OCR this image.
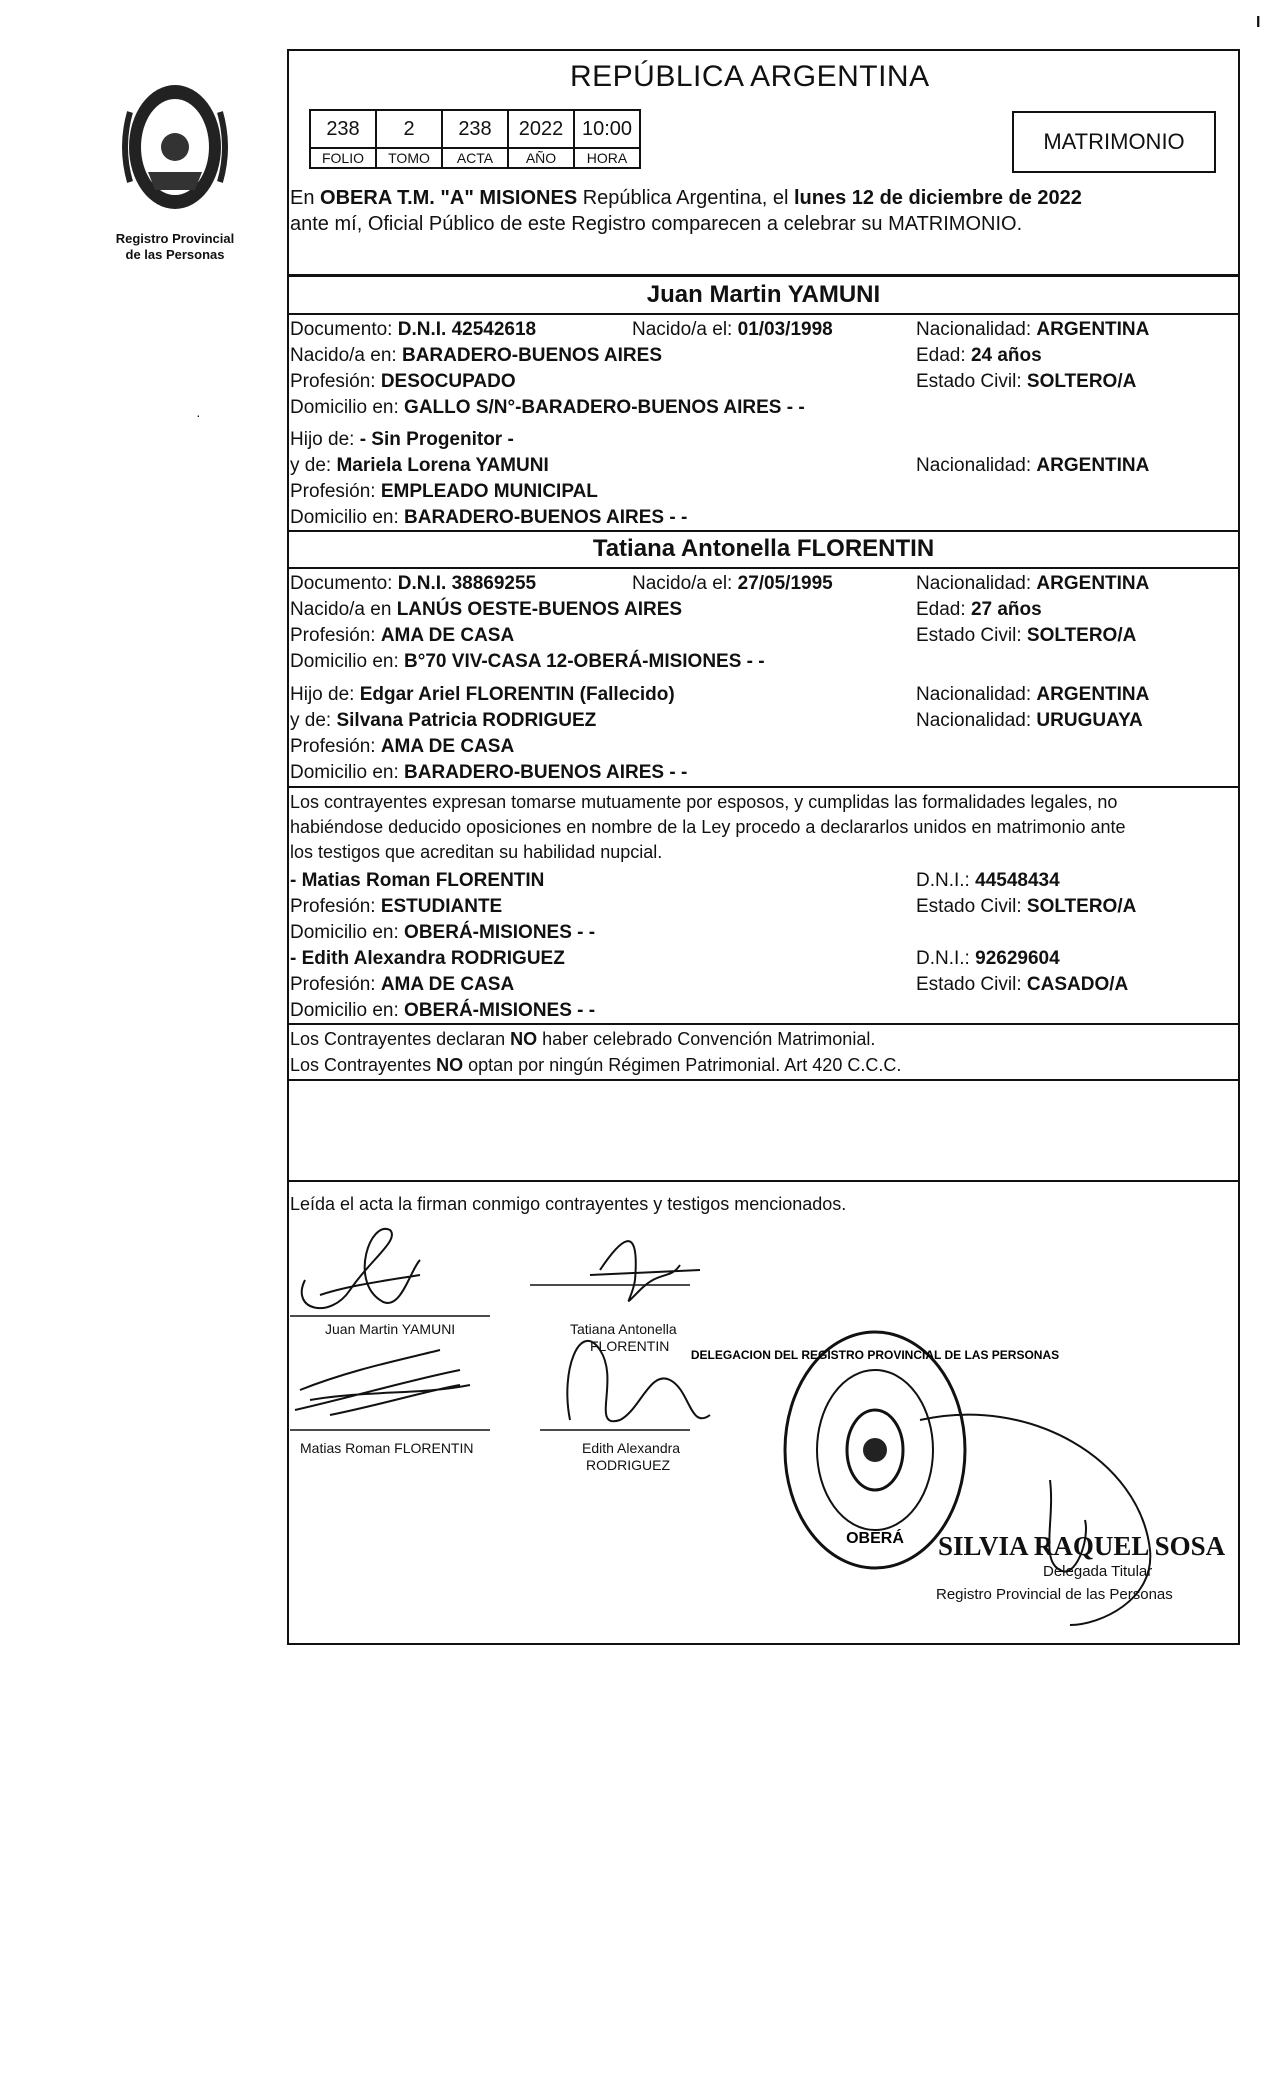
I
Registro Provincial
de las Personas
·
REPÚBLICA ARGENTINA
238	2	238	2022	10:00
FOLIO	TOMO	ACTA	AÑO	HORA
MATRIMONIO
En OBERA T.M. "A" MISIONES República Argentina, el lunes 12 de diciembre de 2022
ante mí, Oficial Público de este Registro comparecen a celebrar su MATRIMONIO.
Juan Martin YAMUNI
Documento: D.N.I. 42542618	Nacido/a el: 01/03/1998	Nacionalidad: ARGENTINA
Nacido/a en: BARADERO-BUENOS AIRES	Edad: 24 años
Profesión: DESOCUPADO	Estado Civil: SOLTERO/A
Domicilio en: GALLO S/N°-BARADERO-BUENOS AIRES - -
Hijo de: - Sin Progenitor -
y de: Mariela Lorena YAMUNI	Nacionalidad: ARGENTINA
Profesión: EMPLEADO MUNICIPAL
Domicilio en: BARADERO-BUENOS AIRES - -
Tatiana Antonella FLORENTIN
Documento: D.N.I. 38869255	Nacido/a el: 27/05/1995	Nacionalidad: ARGENTINA
Nacido/a en LANÚS OESTE-BUENOS AIRES	Edad: 27 años
Profesión: AMA DE CASA	Estado Civil: SOLTERO/A
Domicilio en: B°70 VIV-CASA 12-OBERÁ-MISIONES - -
Hijo de: Edgar Ariel FLORENTIN (Fallecido)	Nacionalidad: ARGENTINA
y de: Silvana Patricia RODRIGUEZ	Nacionalidad: URUGUAYA
Profesión: AMA DE CASA
Domicilio en: BARADERO-BUENOS AIRES - -
Los contrayentes expresan tomarse mutuamente por esposos, y cumplidas las formalidades legales, no
habiéndose deducido oposiciones en nombre de la Ley procedo a declararlos unidos en matrimonio ante
los testigos que acreditan su habilidad nupcial.
- Matias Roman FLORENTIN	D.N.I.: 44548434
Profesión: ESTUDIANTE	Estado Civil: SOLTERO/A
Domicilio en: OBERÁ-MISIONES - -
- Edith Alexandra RODRIGUEZ	D.N.I.: 92629604
Profesión: AMA DE CASA	Estado Civil: CASADO/A
Domicilio en: OBERÁ-MISIONES - -
Los Contrayentes declaran NO haber celebrado Convención Matrimonial.
Los Contrayentes NO optan por ningún Régimen Patrimonial. Art 420 C.C.C.
Leída el acta la firman conmigo contrayentes y testigos mencionados.
Juan Martin YAMUNI	Tatiana Antonella
FLORENTIN
Matias Roman FLORENTIN	Edith Alexandra
RODRIGUEZ
DELEGACION DEL REGISTRO PROVINCIAL DE LAS PERSONAS
OBERÁ SILVIA RAQUEL SOSA
Delegada Titular
Registro Provincial de las Personas
